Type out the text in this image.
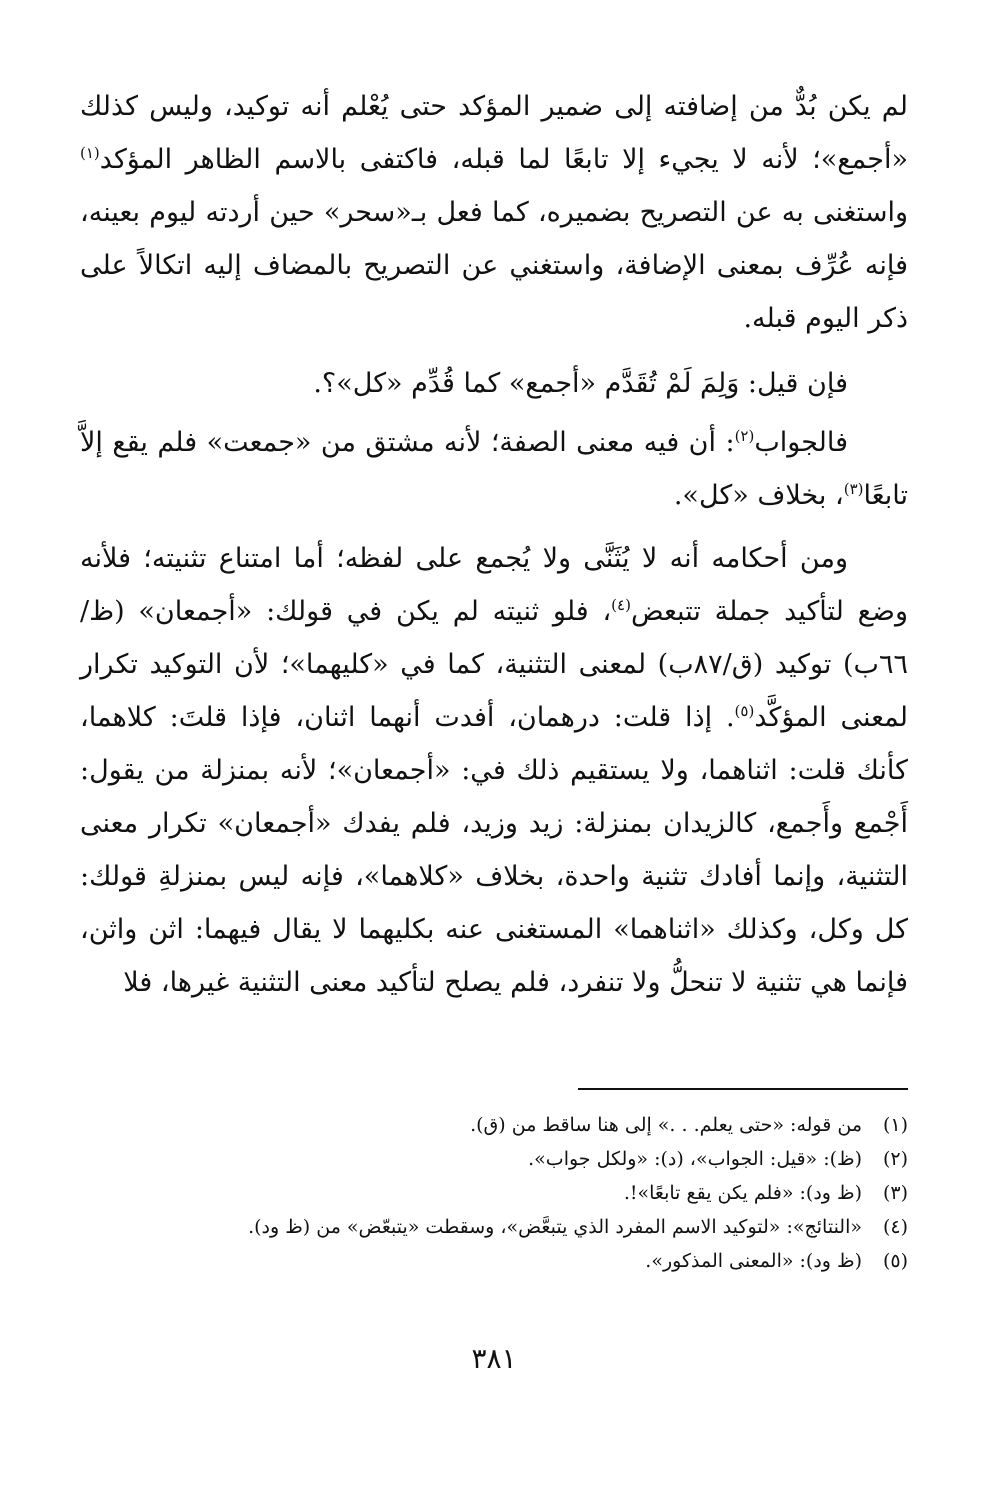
لم يكن بُدٌّ من إضافته إلى ضمير المؤكد حتى يُعْلم أنه توكيد، وليس كذلك «أجمع»؛ لأنه لا يجيء إلا تابعًا لما قبله، فاكتفى بالاسم الظاهر المؤكد$^{(١)}$ واستغنى به عن التصريح بضميره، كما فعل بـ«سحر» حين أردته ليوم بعينه، فإنه عُرِّف بمعنى الإضافة، واستغني عن التصريح بالمضاف إليه اتكالاً على ذكر اليوم قبله.

فإن قيل: وَلِمَ لَمْ تُقَدَّم «أجمع» كما قُدِّم «كل»؟.

فالجواب$^{(٢)}$: أن فيه معنى الصفة؛ لأنه مشتق من «جمعت» فلم يقع إلاَّ تابعًا$^{(٣)}$، بخلاف «كل».

ومن أحكامه أنه لا يُثَنَّى ولا يُجمع على لفظه؛ أما امتناع تثنيته؛ فلأنه وضع لتأكيد جملة تتبعض$^{(٤)}$، فلو ثنيته لم يكن في قولك: «أجمعان» (ظ/٦٦ب) توكيد (ق/٨٧ب) لمعنى التثنية، كما في «كليهما»؛ لأن التوكيد تكرار لمعنى المؤكَّد$^{(٥)}$. إذا قلت: درهمان، أفدت أنهما اثنان، فإذا قلتَ: كلاهما، كأنك قلت: اثناهما، ولا يستقيم ذلك في: «أجمعان»؛ لأنه بمنزلة من يقول: أَجْمع وأَجمع، كالزيدان بمنزلة: زيد وزيد، فلم يفدك «أجمعان» تكرار معنى التثنية، وإنما أفادك تثنية واحدة، بخلاف «كلاهما»، فإنه ليس بمنزلةِ قولك: كل وكل، وكذلك «اثناهما» المستغنى عنه بكليهما لا يقال فيهما: اثن واثن، فإنما هي تثنية لا تنحلُّ ولا تنفرد، فلم يصلح لتأكيد معنى التثنية غيرها، فلا

(١)
من قوله: «حتى يعلم. . .» إلى هنا ساقط من (ق).
(٢)
(ظ): «قيل: الجواب»، (د): «ولكل جواب».
(٣)
(ظ ود): «فلم يكن يقع تابعًا»!.
(٤)
«النتائج»: «لتوكيد الاسم المفرد الذي يتبعَّض»، وسقطت «يتبعّض» من (ظ ود).
(٥)
(ظ ود): «المعنى المذكور».
٣٨١
